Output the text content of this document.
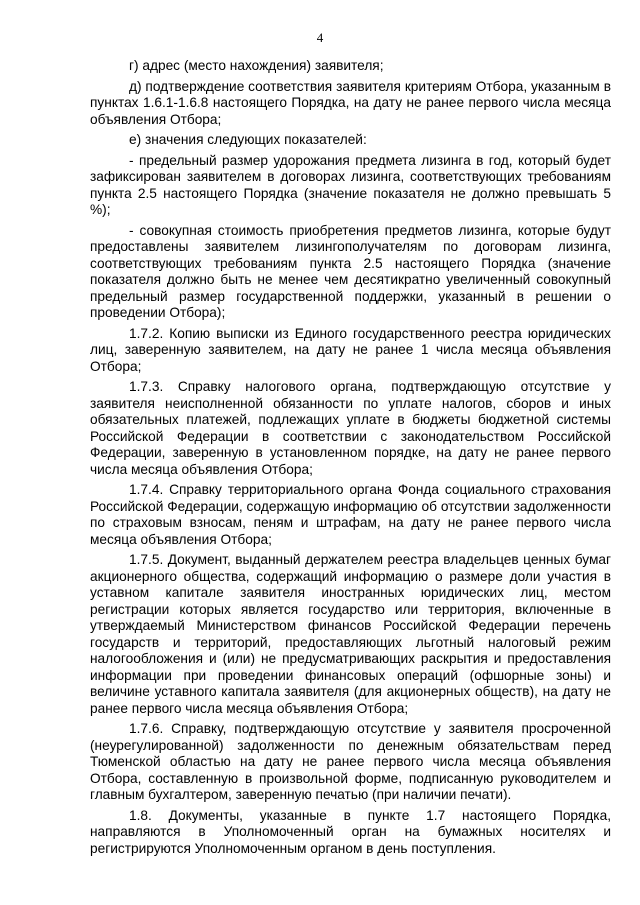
4

г) адрес (место нахождения) заявителя;

д) подтверждение соответствия заявителя критериям Отбора, указанным в пунктах 1.6.1-1.6.8 настоящего Порядка, на дату не ранее первого числа месяца объявления Отбора;

е) значения следующих показателей:

- предельный размер удорожания предмета лизинга в год, который будет зафиксирован заявителем в договорах лизинга, соответствующих требованиям пункта 2.5 настоящего Порядка (значение показателя не должно превышать 5 %);

- совокупная стоимость приобретения предметов лизинга, которые будут предоставлены заявителем лизингополучателям по договорам лизинга, соответствующих требованиям пункта 2.5 настоящего Порядка (значение показателя должно быть не менее чем десятикратно увеличенный совокупный предельный размер государственной поддержки, указанный в решении о проведении Отбора);

1.7.2. Копию выписки из Единого государственного реестра юридических лиц, заверенную заявителем, на дату не ранее 1 числа месяца объявления Отбора;

1.7.3. Справку налогового органа, подтверждающую отсутствие у заявителя неисполненной обязанности по уплате налогов, сборов и иных обязательных платежей, подлежащих уплате в бюджеты бюджетной системы Российской Федерации в соответствии с законодательством Российской Федерации, заверенную в установленном порядке, на дату не ранее первого числа месяца объявления Отбора;

1.7.4. Справку территориального органа Фонда социального страхования Российской Федерации, содержащую информацию об отсутствии задолженности по страховым взносам, пеням и штрафам, на дату не ранее первого числа месяца объявления Отбора;

1.7.5. Документ, выданный держателем реестра владельцев ценных бумаг акционерного общества, содержащий информацию о размере доли участия в уставном капитале заявителя иностранных юридических лиц, местом регистрации которых является государство или территория, включенные в утверждаемый Министерством финансов Российской Федерации перечень государств и территорий, предоставляющих льготный налоговый режим налогообложения и (или) не предусматривающих раскрытия и предоставления информации при проведении финансовых операций (офшорные зоны) и величине уставного капитала заявителя (для акционерных обществ), на дату не ранее первого числа месяца объявления Отбора;

1.7.6. Справку, подтверждающую отсутствие у заявителя просроченной (неурегулированной) задолженности по денежным обязательствам перед Тюменской областью на дату не ранее первого числа месяца объявления Отбора, составленную в произвольной форме, подписанную руководителем и главным бухгалтером, заверенную печатью (при наличии печати).

1.8. Документы, указанные в пункте 1.7 настоящего Порядка, направляются в Уполномоченный орган на бумажных носителях и регистрируются Уполномоченным органом в день поступления.
